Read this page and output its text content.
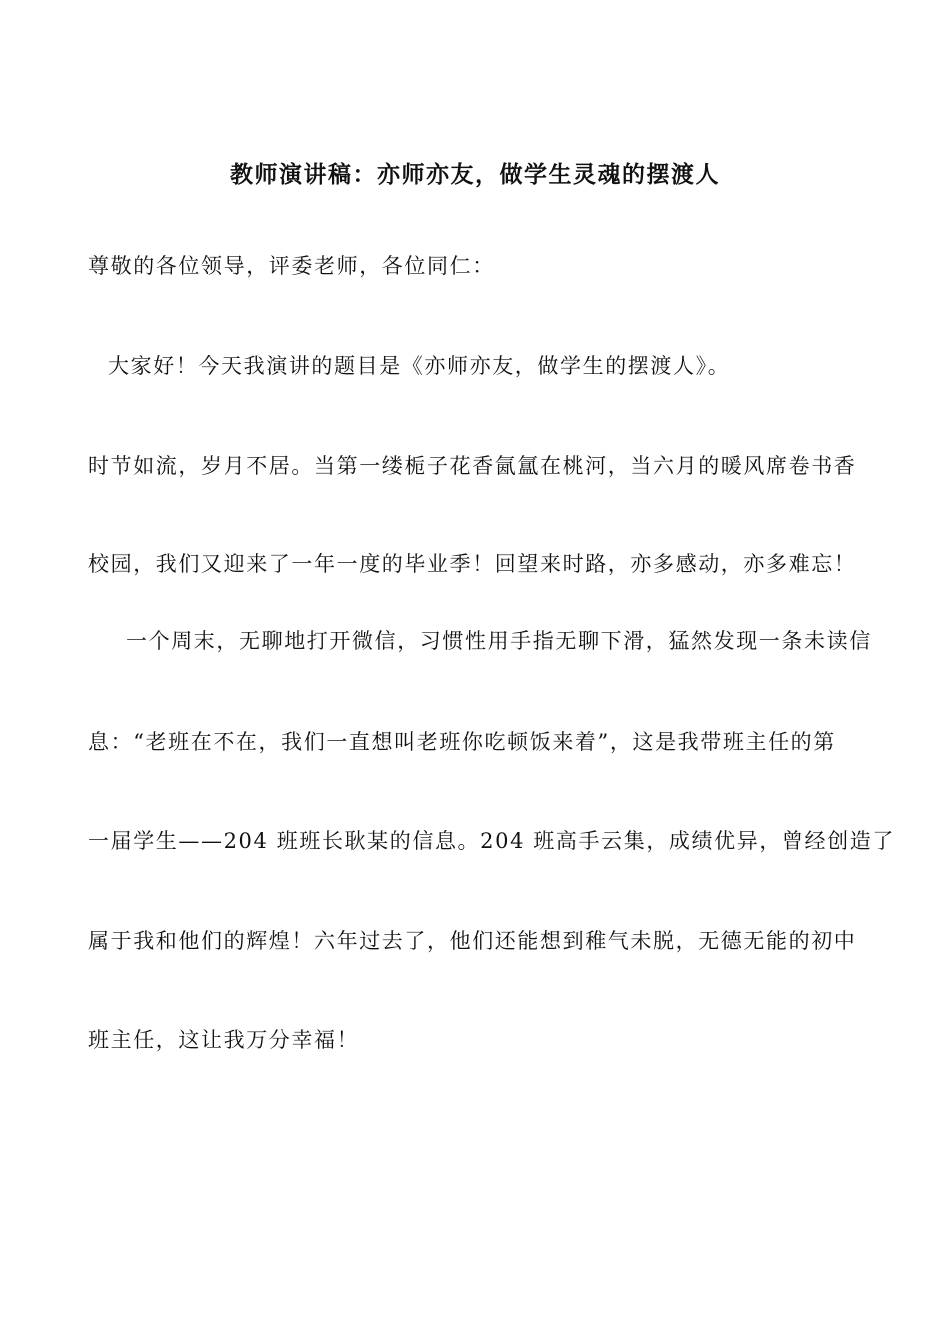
教师演讲稿：亦师亦友，做学生灵魂的摆渡人
尊敬的各位领导，评委老师，各位同仁：
大家好！今天我演讲的题目是《亦师亦友，做学生的摆渡人》。
时节如流，岁月不居。当第一缕栀子花香氤氲在桃河，当六月的暖风席卷书香
校园，我们又迎来了一年一度的毕业季！回望来时路，亦多感动，亦多难忘！
一个周末，无聊地打开微信，习惯性用手指无聊下滑，猛然发现一条未读信
息：“老班在不在，我们一直想叫老班你吃顿饭来着”，这是我带班主任的第
一届学生——204 班班长耿某的信息。204 班高手云集，成绩优异，曾经创造了
属于我和他们的辉煌！六年过去了，他们还能想到稚气未脱，无德无能的初中
班主任，这让我万分幸福！
